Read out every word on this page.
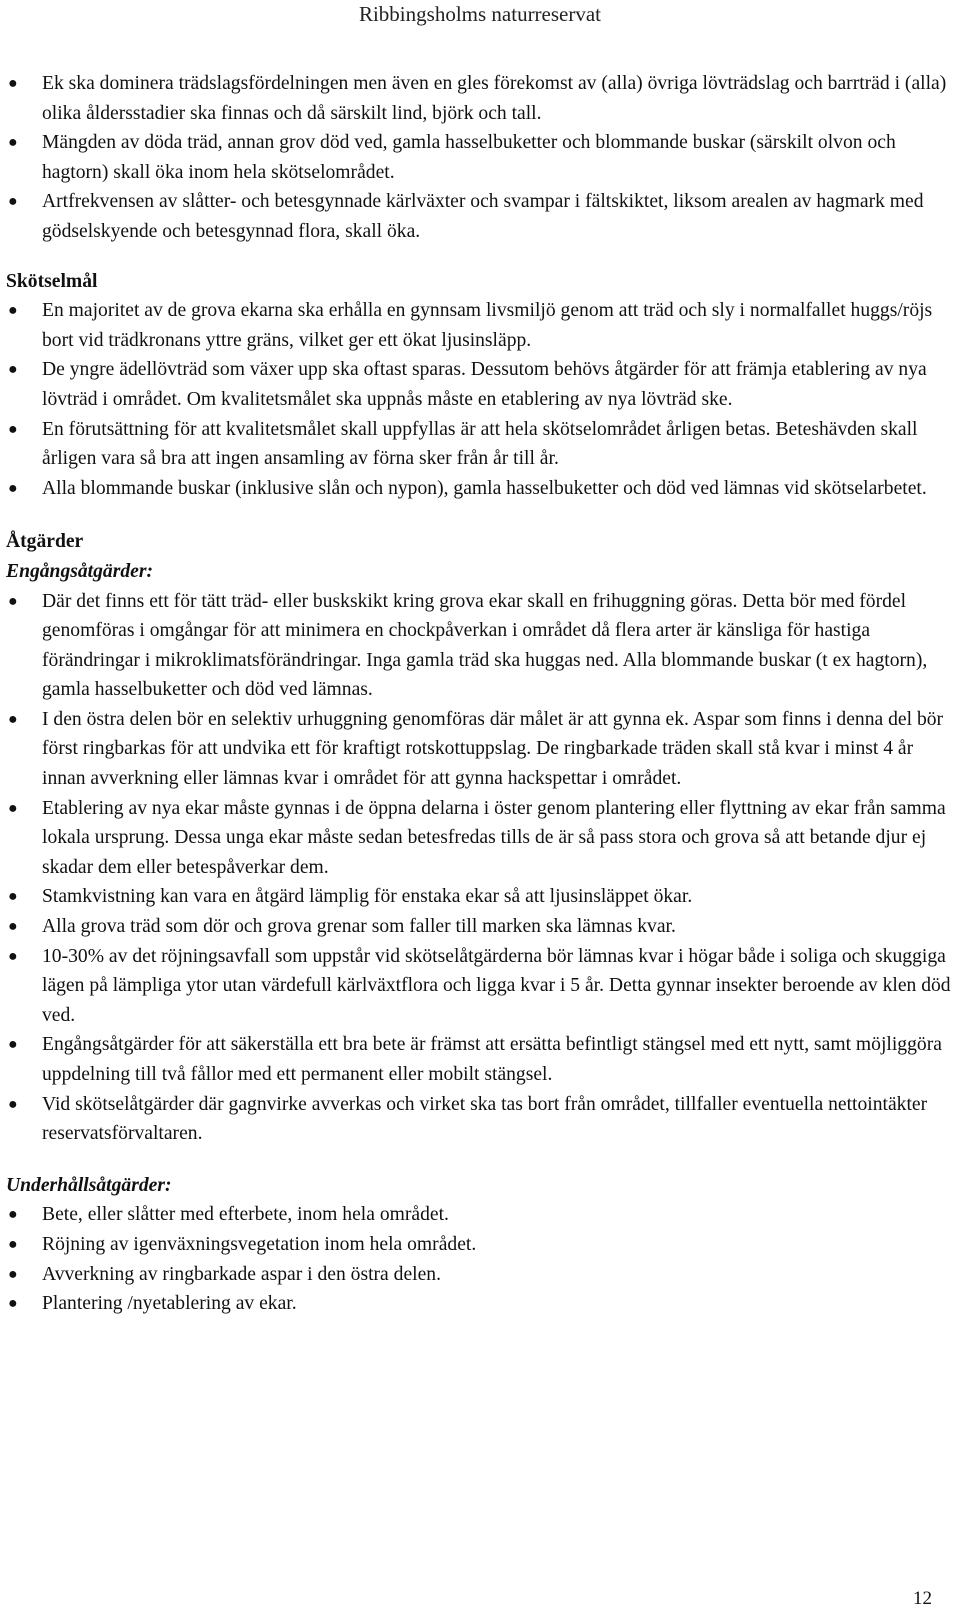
Ribbingsholms naturreservat

●	Ek ska dominera trädslagsfördelningen men även en gles förekomst av (alla) övriga lövträdslag och barrträd i (alla) olika åldersstadier ska finnas och då särskilt lind, björk och tall.
●	Mängden av döda träd, annan grov död ved, gamla hasselbuketter och blommande buskar (särskilt olvon och hagtorn) skall öka inom hela skötselområdet.
●	Artfrekvensen av slåtter- och betesgynnade kärlväxter och svampar i fältskiktet, liksom arealen av hagmark med gödselskyende och betesgynnad flora, skall öka.

Skötselmål

●	En majoritet av de grova ekarna ska erhålla en gynnsam livsmiljö genom att träd och sly i normalfallet huggs/röjs bort vid trädkronans yttre gräns, vilket ger ett ökat ljusinsläpp.
●	De yngre ädellövträd som växer upp ska oftast sparas. Dessutom behövs åtgärder för att främja etablering av nya lövträd i området. Om kvalitetsmålet ska uppnås måste en etablering av nya lövträd ske.
●	En förutsättning för att kvalitetsmålet skall uppfyllas är att hela skötselområdet årligen betas. Beteshävden skall årligen vara så bra att ingen ansamling av förna sker från år till år.
●	Alla blommande buskar (inklusive slån och nypon), gamla hasselbuketter och död ved lämnas vid skötselarbetet.

Åtgärder

Engångsåtgärder:

●	Där det finns ett för tätt träd- eller buskskikt kring grova ekar skall en frihuggning göras. Detta bör med fördel genomföras i omgångar för att minimera en chockpåverkan i området då flera arter är känsliga för hastiga förändringar i mikroklimatsförändringar. Inga gamla träd ska huggas ned. Alla blommande buskar (t ex hagtorn), gamla hasselbuketter och död ved lämnas.
●	I den östra delen bör en selektiv urhuggning genomföras där målet är att gynna ek. Aspar som finns i denna del bör först ringbarkas för att undvika ett för kraftigt rotskottuppslag. De ringbarkade träden skall stå kvar i minst 4 år innan avverkning eller lämnas kvar i området för att gynna hackspettar i området.
●	Etablering av nya ekar måste gynnas i de öppna delarna i öster genom plantering eller flyttning av ekar från samma lokala ursprung. Dessa unga ekar måste sedan betesfredas tills de är så pass stora och grova så att betande djur ej skadar dem eller betespåverkar dem.
●	Stamkvistning kan vara en åtgärd lämplig för enstaka ekar så att ljusinsläppet ökar.
●	Alla grova träd som dör och grova grenar som faller till marken ska lämnas kvar.
●	10-30% av det röjningsavfall som uppstår vid skötselåtgärderna bör lämnas kvar i högar både i soliga och skuggiga lägen på lämpliga ytor utan värdefull kärlväxtflora och ligga kvar i 5 år. Detta gynnar insekter beroende av klen död ved.
●	Engångsåtgärder för att säkerställa ett bra bete är främst att ersätta befintligt stängsel med ett nytt, samt möjliggöra uppdelning till två fållor med ett permanent eller mobilt stängsel.
●	Vid skötselåtgärder där gagnvirke avverkas och virket ska tas bort från området, tillfaller eventuella nettointäkter reservatsförvaltaren.

Underhållsåtgärder:

●	Bete, eller slåtter med efterbete, inom hela området.
●	Röjning av igenväxningsvegetation inom hela området.
●	Avverkning av ringbarkade aspar i den östra delen.
●	Plantering /nyetablering av ekar.
12
